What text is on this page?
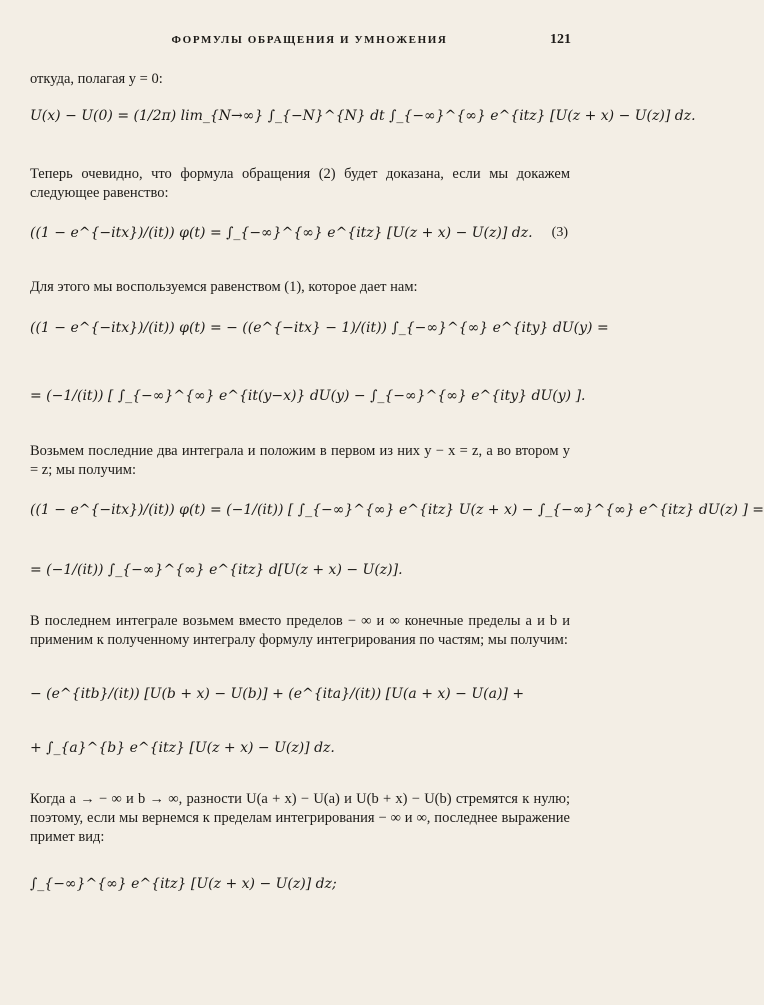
ФОРМУЛЫ ОБРАЩЕНИЯ И УМНОЖЕНИЯ	121
откуда, полагая y = 0:
U(x) − U(0) = (1/2π) lim_{N→∞} ∫_{−N}^{N} dt ∫_{−∞}^{∞} e^{itz} [U(z + x) − U(z)] dz.
Теперь очевидно, что формула обращения (2) будет доказана, если мы докажем следующее равенство:
((1 − e^{−itx})/(it)) φ(t) = ∫_{−∞}^{∞} e^{itz} [U(z + x) − U(z)] dz. (3)
Для этого мы воспользуемся равенством (1), которое дает нам:
((1 − e^{−itx})/(it)) φ(t) = − ((e^{−itx} − 1)/(it)) ∫_{−∞}^{∞} e^{ity} dU(y) =
= (−1/(it)) [ ∫_{−∞}^{∞} e^{it(y−x)} dU(y) − ∫_{−∞}^{∞} e^{ity} dU(y) ].
Возьмем последние два интеграла и положим в первом из них y − x = z, а во втором y = z; мы получим:
((1 − e^{−itx})/(it)) φ(t) = (−1/(it)) [ ∫_{−∞}^{∞} e^{itz} U(z + x) − ∫_{−∞}^{∞} e^{itz} dU(z) ] =
= (−1/(it)) ∫_{−∞}^{∞} e^{itz} d[U(z + x) − U(z)].
В последнем интеграле возьмем вместо пределов − ∞ и ∞ конечные пределы a и b и применим к полученному интегралу формулу интегрирования по частям; мы получим:
− (e^{itb}/(it)) [U(b + x) − U(b)] + (e^{ita}/(it)) [U(a + x) − U(a)] +
+ ∫_{a}^{b} e^{itz} [U(z + x) − U(z)] dz.
Когда a → − ∞ и b → ∞, разности U(a + x) − U(a) и U(b + x) − U(b) стремятся к нулю; поэтому, если мы вернемся к пределам интегрирования − ∞ и ∞, последнее выражение примет вид:
∫_{−∞}^{∞} e^{itz} [U(z + x) − U(z)] dz;
